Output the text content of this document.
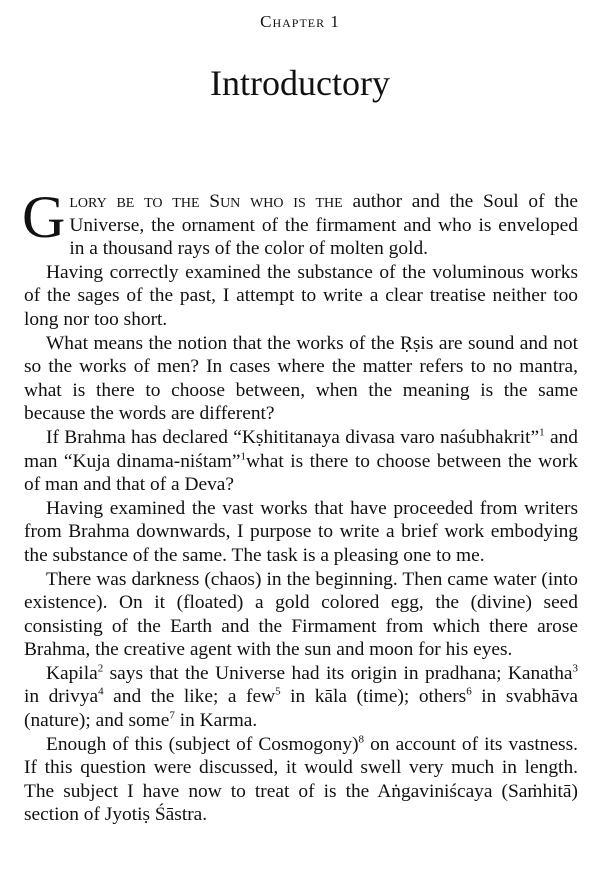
Chapter 1
Introductory

Glory be to the Sun who is the author and the Soul of the Universe, the ornament of the firmament and who is enveloped in a thousand rays of the color of molten gold.

Having correctly examined the substance of the voluminous works of the sages of the past, I attempt to write a clear treatise neither too long nor too short.

What means the notion that the works of the Ṛṣis are sound and not so the works of men? In cases where the matter refers to no mantra, what is there to choose between, when the meaning is the same because the words are different?

If Brahma has declared “Kṣhititanaya divasa varo naśubhakrit”$^1$ and man “Kuja dinama-niśtam”$^1$what is there to choose between the work of man and that of a Deva?

Having examined the vast works that have proceeded from writers from Brahma downwards, I purpose to write a brief work embodying the substance of the same. The task is a pleasing one to me.

There was darkness (chaos) in the beginning. Then came water (into existence). On it (floated) a gold colored egg, the (divine) seed consisting of the Earth and the Firmament from which there arose Brahma, the creative agent with the sun and moon for his eyes.

Kapila$^2$ says that the Universe had its origin in pradhana; Kanatha$^3$ in drivya$^4$ and the like; a few$^5$ in kāla (time); others$^6$ in svabhāva (nature); and some$^7$ in Karma.

Enough of this (subject of Cosmogony)$^8$ on account of its vastness. If this question were discussed, it would swell very much in length. The subject I have now to treat of is the Aṅgaviniścaya (Saṁhitā) section of Jyotiṣ Śāstra.
